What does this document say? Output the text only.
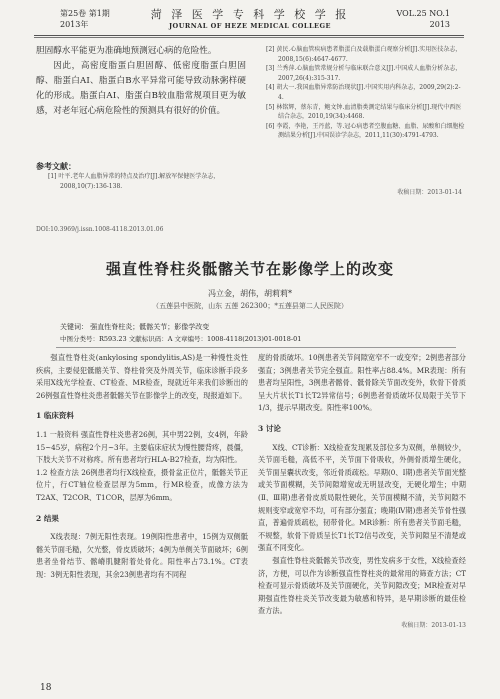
第25卷 第1期
2013年
菏 泽 医 学 专 科 学 校 学 报
JOURNAL OF HEZE MEDICAL COLLEGE
VOL.25 NO.1
2013
胆固醇水平能更为准确地预测冠心病的危险性。
因此，高密度脂蛋白胆固醇、低密度脂蛋白胆固醇、脂蛋白AⅠ、脂蛋白B水平异常可能导致动脉粥样硬化的形成。脂蛋白AⅠ、脂蛋白B较血脂常规项目更为敏感，对老年冠心病危险性的预测具有很好的价值。
参考文献：
[1] 叶平.老年人血脂异常的特点及治疗[J].解放军保健医学杂志，2008,10(7):136-138.
[2] 黄民.心脑血管疾病患者脂蛋白及载脂蛋白观察分析[J].实用医技杂志，2008,15(6):4647-4677.
[3] 兰秀萍.心脑血管常规分析与临床联合意义[J].中国成人血脂分析杂志，2007,26(4):315-317.
[4] 胡大一.我国血脂异常防治现状[J].中国实用内科杂志，2009,29(2):2-4.
[5] 林铭辉，蔡东青，鲍文钟.血清脂类测定结果与临床分析[J].现代中西医结合杂志，2010,19(34):4468.
[6] 李霞，李艳，王丹蓝，等.冠心病患者空腹血糖、血脂、尿酸和白细胞检测结果分析[J].中国误诊学杂志，2011,11(30):4791-4793.
收稿日期：2013-01-14
DOI:10.3969/j.issn.1008-4118.2013.01.06
强直性脊柱炎骶髂关节在影像学上的改变
冯立金，胡伟，胡莉莉*
（五莲县中医院，山东 五莲 262300；*五莲县第二人民医院）
关键词： 强直性脊柱炎；骶髂关节；影像学改变
中图分类号：R593.23 文献标识码：A 文章编号：1008-4118(2013)01-0018-01
强直性脊柱炎(ankylosing spondylitis,AS)是一种慢性炎性疾病，主要侵犯骶髂关节、脊柱骨突及外周关节，临床诊断手段多采用X线光学检查、CT检查、MR检查，现就近年来我们诊断出的26例强直性脊柱炎患者骶髂关节在影像学上的改变，现报道如下。
1 临床资料
1.1 一般资料 强直性脊柱炎患者26例，其中男22例，女4例，年龄15~45岁，病程2个月~3年。主要临床症状为慢性腰背疼，晨僵，下肢大关节不对称疼。所有患者均行HLA-B27检查，均为阳性。
1.2 检查方法 26例患者均行X线检查，摄骨盆正位片，骶髂关节正位片，行CT轴位检查层厚为5mm，行MR检查，成像方法为T2AX、T2COR、T1COR，层厚为6mm。
2 结果
X线表现：7例无阳性表现。19例阳性患者中，15例为双侧骶髂关节面毛糙，欠光整，骨皮质破坏；4例为单侧关节面破坏；6例患者坐骨结节、髂嵴肌腱附着处骨化。阳性率占73.1%。CT表现：3例无阳性表现，其余23例患者均有不同程
度的骨质破坏。10例患者关节间隙宽窄不一或变窄；2例患者部分强直；3例患者关节完全强直。阳性率占88.4%。MR表现：所有患者均呈阳性，3例患者髂骨、骶骨除关节面改变外，软骨下骨质呈大片状长T1长T2异常信号；6例患者骨质破坏仅局限于关节下1/3，提示早期改变。阳性率100%。
3 讨论
X线、CT诊断：X线检查发现累及部位多为双侧，单侧较少，关节面毛糙，高低不平，关节面下骨吸收，外侧骨质增生硬化，关节面呈囊状改变，邻近骨质疏松。早期(0、Ⅰ期)患者关节面光整或关节面模糊，关节间隙增宽或无明显改变，无硬化增生；中期(Ⅱ、Ⅲ期)患者骨皮质局限性硬化，关节面模糊不清，关节间隙不规则变窄或宽窄不均，可有部分强直；晚期(Ⅳ期)患者关节骨性强直，普遍骨质疏松，韧带骨化。MR诊断：所有患者关节面毛糙，不规整，软骨下骨质呈长T1长T2信号改变，关节间隙呈不清楚或强直不同变化。
强直性脊柱炎骶髂关节改变，男性发病多于女性，X线检查经济，方便，可以作为诊断强直性脊柱炎的最常用的筛查方法；CT检查可显示骨质破坏及关节面硬化，关节间隙改变；MR检查对早期强直性脊柱炎关节改变最为敏感和特异，是早期诊断的最佳检查方法。
收稿日期：2013-01-13
18
